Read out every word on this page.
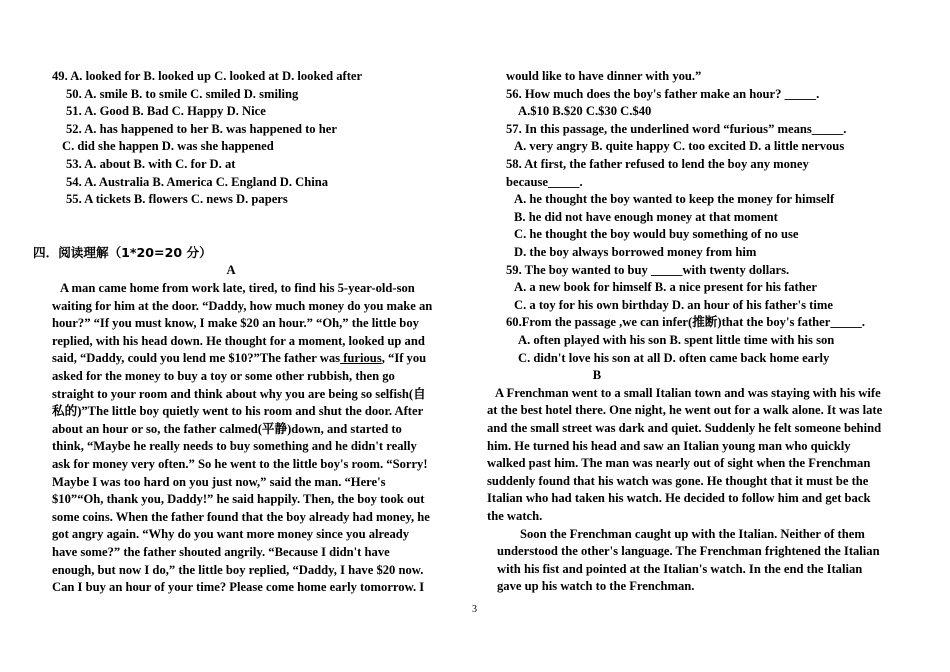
49. A. looked for B. looked up C. looked at D. looked after
50. A. smile B. to smile C. smiled D. smiling
51. A. Good B. Bad C. Happy D. Nice
52. A. has happened to her B. was happened to her
C. did she happen D. was she happened
53. A. about B. with C. for D. at
54. A. Australia B. America C. England D. China
55. A tickets B. flowers C. news D. papers
四．阅读理解（1*20=20 分）
A
A man came home from work late, tired, to find his 5-year-old-son
waiting for him at the door. “Daddy, how much money do you make an
hour?” “If you must know, I make $20 an hour.” “Oh,” the little boy
replied, with his head down. He thought for a moment, looked up and
said, “Daddy, could you lend me $10?”The father was furious, “If you
asked for the money to buy a toy or some other rubbish, then go
straight to your room and think about why you are being so selfish(自
私的)”The little boy quietly went to his room and shut the door. After
about an hour or so, the father calmed(平静)down, and started to
think, “Maybe he really needs to buy something and he didn't really
ask for money very often.” So he went to the little boy's room. “Sorry!
Maybe I was too hard on you just now,” said the man. “Here's
$10”“Oh, thank you, Daddy!” he said happily. Then, the boy took out
some coins. When the father found that the boy already had money, he
got angry again. “Why do you want more money since you already
have some?” the father shouted angrily. “Because I didn't have
enough, but now I do,” the little boy replied, “Daddy, I have $20 now.
Can I buy an hour of your time? Please come home early tomorrow. I
would like to have dinner with you.”
56. How much does the boy's father make an hour? _____.
A.$10 B.$20 C.$30 C.$40
57. In this passage, the underlined word “furious” means_____.
A. very angry B. quite happy C. too excited D. a little nervous
58. At first, the father refused to lend the boy any money
because_____.
A. he thought the boy wanted to keep the money for himself
B. he did not have enough money at that moment
C. he thought the boy would buy something of no use
D. the boy always borrowed money from him
59. The boy wanted to buy _____with twenty dollars.
A. a new book for himself B. a nice present for his father
C. a toy for his own birthday D. an hour of his father's time
60.From the passage ,we can infer(推断)that the boy's father_____.
A. often played with his son B. spent little time with his son
C. didn't love his son at all D. often came back home early
B
A Frenchman went to a small Italian town and was staying with his wife
at the best hotel there. One night, he went out for a walk alone. It was late
and the small street was dark and quiet. Suddenly he felt someone behind
him. He turned his head and saw an Italian young man who quickly
walked past him. The man was nearly out of sight when the Frenchman
suddenly found that his watch was gone. He thought that it must be the
Italian who had taken his watch. He decided to follow him and get back
the watch.
Soon the Frenchman caught up with the Italian. Neither of them
understood the other's language. The Frenchman frightened the Italian
with his fist and pointed at the Italian's watch. In the end the Italian
gave up his watch to the Frenchman.
3
